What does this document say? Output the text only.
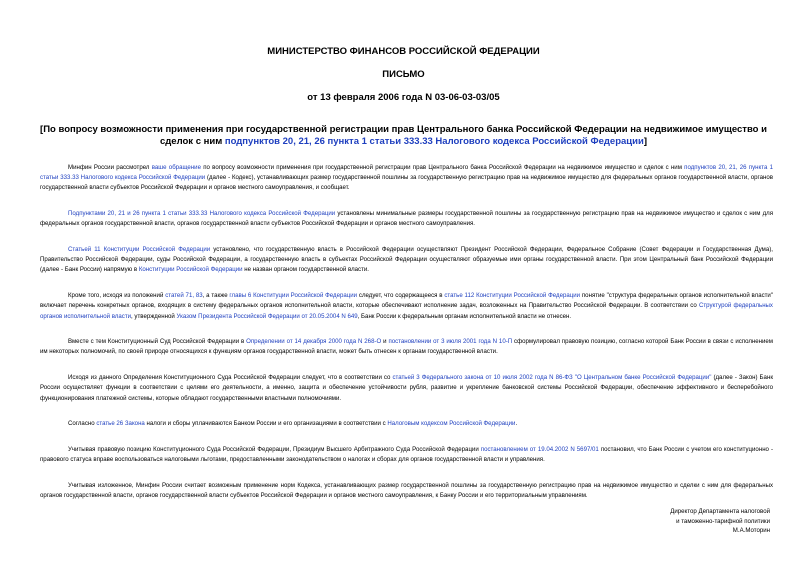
МИНИСТЕРСТВО ФИНАНСОВ РОССИЙСКОЙ ФЕДЕРАЦИИ
ПИСЬМО
от 13 февраля 2006 года N 03-06-03-03/05
[По вопросу возможности применения при государственной регистрации прав Центрального банка Российской Федерации на недвижимое имущество и сделок с ним подпунктов 20, 21, 26 пункта 1 статьи 333.33 Налогового кодекса Российской Федерации]

Минфин России рассмотрел ваше обращение по вопросу возможности применения при государственной регистрации прав Центрального банка Российской Федерации на недвижимое имущество и сделок с ним подпунктов 20, 21, 26 пункта 1 статьи 333.33 Налогового кодекса Российской Федерации (далее - Кодекс), устанавливающих размер государственной пошлины за государственную регистрацию прав на недвижимое имущество для федеральных органов государственной власти, органов государственной власти субъектов Российской Федерации и органов местного самоуправления, и сообщает.

Подпунктами 20, 21 и 26 пункта 1 статьи 333.33 Налогового кодекса Российской Федерации установлены минимальные размеры государственной пошлины за государственную регистрацию прав на недвижимое имущество и сделок с ним для федеральных органов государственной власти, органов государственной власти субъектов Российской Федерации и органов местного самоуправления.

Статьей 11 Конституции Российской Федерации установлено, что государственную власть в Российской Федерации осуществляют Президент Российской Федерации, Федеральное Собрание (Совет Федерации и Государственная Дума), Правительство Российской Федерации, суды Российской Федерации, а государственную власть в субъектах Российской Федерации осуществляют образуемые ими органы государственной власти. При этом Центральный банк Российской Федерации (далее - Банк России) напрямую в Конституции Российской Федерации не назван органом государственной власти.

Кроме того, исходя из положений статей 71, 83, а также главы 6 Конституции Российской Федерации следует, что содержащееся в статье 112 Конституции Российской Федерации понятие "структура федеральных органов исполнительной власти" включает перечень конкретных органов, входящих в систему федеральных органов исполнительной власти, которые обеспечивают исполнение задач, возложенных на Правительство Российской Федерации. В соответствии со Структурой федеральных органов исполнительной власти, утвержденной Указом Президента Российской Федерации от 20.05.2004 N 649, Банк России к федеральным органам исполнительной власти не отнесен.

Вместе с тем Конституционный Суд Российской Федерации в Определении от 14 декабря 2000 года N 268-О и постановлении от 3 июля 2001 года N 10-П сформулировал правовую позицию, согласно которой Банк России в связи с исполнением им некоторых полномочий, по своей природе относящихся к функциям органов государственной власти, может быть отнесен к органам государственной власти.

Исходя из данного Определения Конституционного Суда Российской Федерации следует, что в соответствии со статьей 3 Федерального закона от 10 июля 2002 года N 86-ФЗ "О Центральном банке Российской Федерации" (далее - Закон) Банк России осуществляет функции в соответствии с целями его деятельности, а именно, защита и обеспечение устойчивости рубля, развитие и укрепление банковской системы Российской Федерации, обеспечение эффективного и бесперебойного функционирования платежной системы, которые обладают государственными властными полномочиями.

Согласно статье 26 Закона налоги и сборы уплачиваются Банком России и его организациями в соответствии с Налоговым кодексом Российской Федерации.

Учитывая правовую позицию Конституционного Суда Российской Федерации, Президиум Высшего Арбитражного Суда Российской Федерации постановлением от 19.04.2002 N 5697/01 постановил, что Банк России с учетом его конституционно - правового статуса вправе воспользоваться налоговыми льготами, предоставленными законодательством о налогах и сборах для органов государственной власти и управления.

Учитывая изложенное, Минфин России считает возможным применение норм Кодекса, устанавливающих размер государственной пошлины за государственную регистрацию прав на недвижимое имущество и сделки с ним для федеральных органов государственной власти, органов государственной власти субъектов Российской Федерации и органов местного самоуправления, к Банку России и его территориальным управлениям.

Директор Департамента налоговой
и таможенно-тарифной политики
М.А.Моторин
